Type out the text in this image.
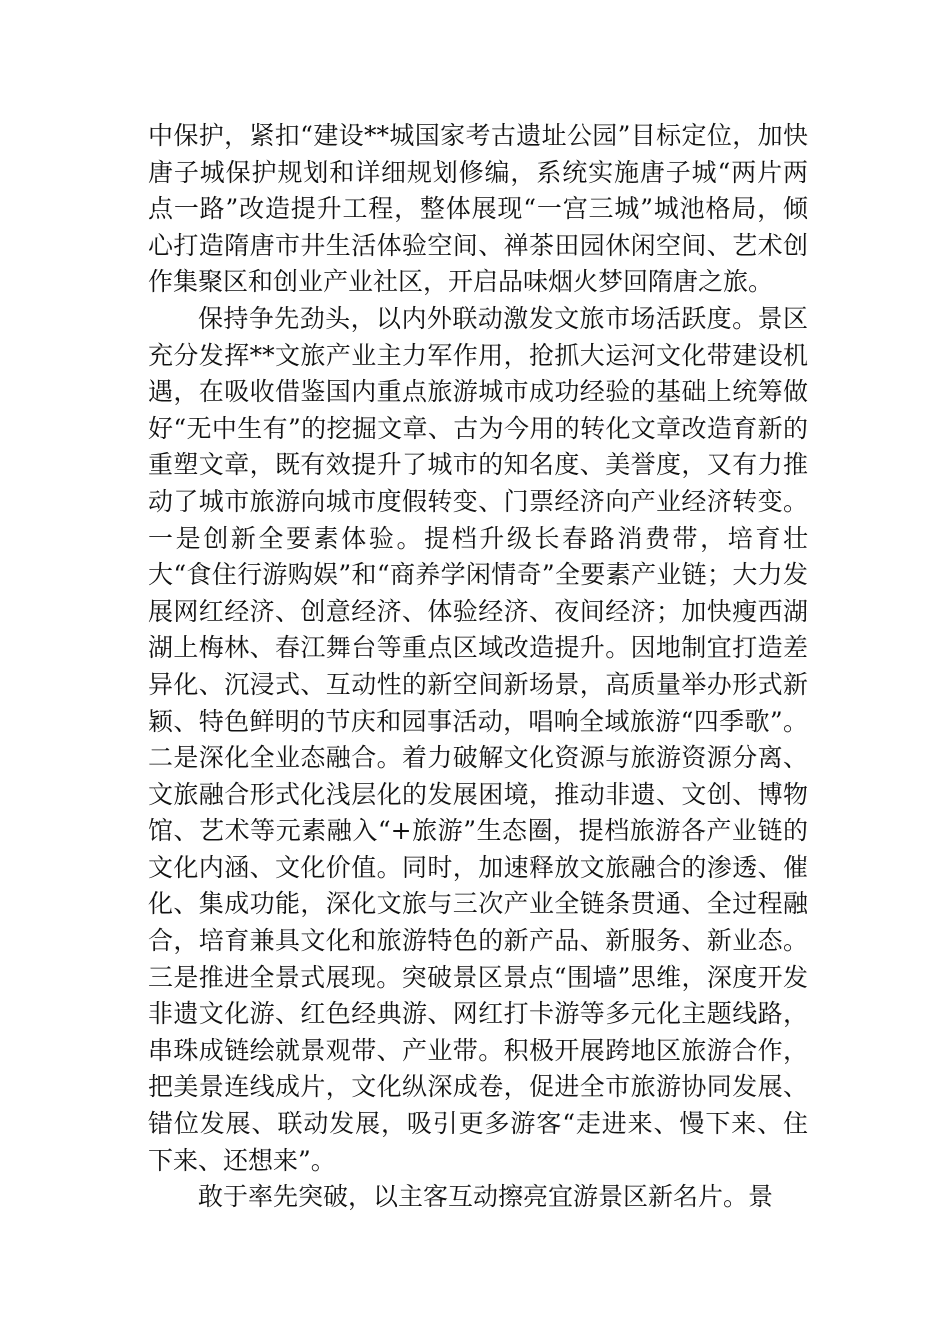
中保护，紧扣“建设**城国家考古遗址公园”目标定位，加快唐子城保护规划和详细规划修编，系统实施唐子城“两片两点一路”改造提升工程，整体展现“一宫三城”城池格局，倾心打造隋唐市井生活体验空间、禅茶田园休闲空间、艺术创作集聚区和创业产业社区，开启品味烟火梦回隋唐之旅。

保持争先劲头，以内外联动激发文旅市场活跃度。景区充分发挥**文旅产业主力军作用，抢抓大运河文化带建设机遇，在吸收借鉴国内重点旅游城市成功经验的基础上统筹做好“无中生有”的挖掘文章、古为今用的转化文章改造育新的重塑文章，既有效提升了城市的知名度、美誉度，又有力推动了城市旅游向城市度假转变、门票经济向产业经济转变。一是创新全要素体验。提档升级长春路消费带，培育壮大“食住行游购娱”和“商养学闲情奇”全要素产业链；大力发展网红经济、创意经济、体验经济、夜间经济；加快瘦西湖湖上梅林、春江舞台等重点区域改造提升。因地制宜打造差异化、沉浸式、互动性的新空间新场景，高质量举办形式新颖、特色鲜明的节庆和园事活动，唱响全域旅游“四季歌”。二是深化全业态融合。着力破解文化资源与旅游资源分离、文旅融合形式化浅层化的发展困境，推动非遗、文创、博物馆、艺术等元素融入“+旅游”生态圈，提档旅游各产业链的文化内涵、文化价值。同时，加速释放文旅融合的渗透、催化、集成功能，深化文旅与三次产业全链条贯通、全过程融合，培育兼具文化和旅游特色的新产品、新服务、新业态。三是推进全景式展现。突破景区景点“围墙”思维，深度开发非遗文化游、红色经典游、网红打卡游等多元化主题线路，串珠成链绘就景观带、产业带。积极开展跨地区旅游合作，把美景连线成片，文化纵深成卷，促进全市旅游协同发展、错位发展、联动发展，吸引更多游客“走进来、慢下来、住下来、还想来”。

敢于率先突破，以主客互动擦亮宜游景区新名片。景
